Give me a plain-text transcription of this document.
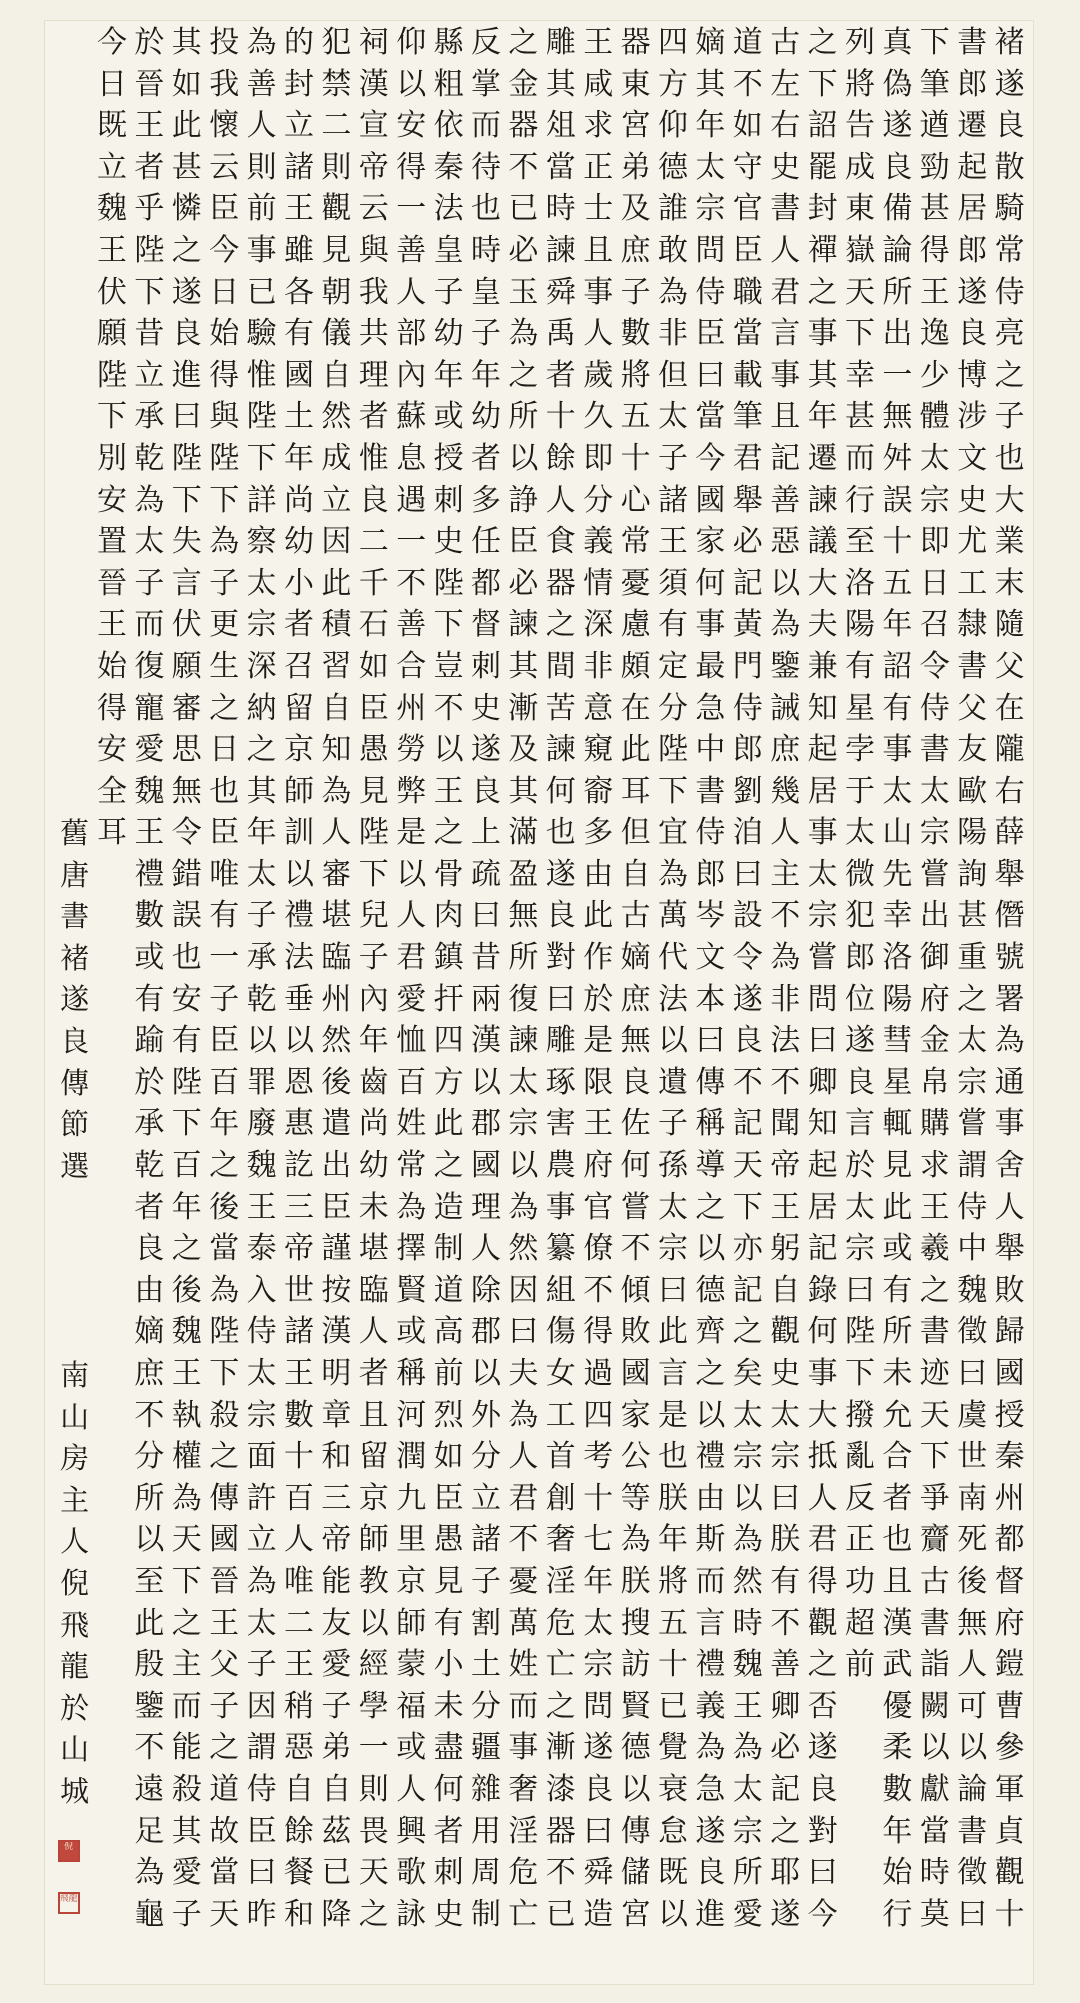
褚
遂
良
散
騎
常
侍
亮
之
子
也
大
業
末
隨
父
在
隴
右
薛
舉
僭
號
署
為
通
事
舍
人
舉
敗
歸
國
授
秦
州
都
督
府
鎧
曹
參
軍
貞
觀
十
書
郎
遷
起
居
郎
遂
良
博
涉
文
史
尤
工
隸
書
父
友
歐
陽
詢
甚
重
之
太
宗
嘗
謂
侍
中
魏
徵
曰
虞
世
南
死
後
無
人
可
以
論
書
徵
曰
下
筆
遒
勁
甚
得
王
逸
少
體
太
宗
即
日
召
令
侍
書
太
宗
嘗
出
御
府
金
帛
購
求
王
羲
之
書
迹
天
下
爭
齎
古
書
詣
闕
以
獻
當
時
莫
真
偽
遂
良
備
論
所
出
一
無
舛
誤
十
五
年
詔
有
事
太
山
先
幸
洛
陽
彗
星
輒
見
此
或
有
所
未
允
合
者
也
且
漢
武
優
柔
數
年
始
行
列
將
告
成
東
嶽
天
下
幸
甚
而
行
至
洛
陽
有
星
孛
于
太
微
犯
郎
位
遂
良
言
於
太
宗
曰
陛
下
撥
亂
反
正
功
超
前
之
下
詔
罷
封
禪
之
事
其
年
遷
諫
議
大
夫
兼
知
起
居
事
太
宗
嘗
問
曰
卿
知
起
居
記
錄
何
事
大
抵
人
君
得
觀
之
否
遂
良
對
曰
今
古
左
右
史
書
人
君
言
事
且
記
善
惡
以
為
鑒
誡
庶
幾
人
主
不
為
非
法
不
聞
帝
王
躬
自
觀
史
太
宗
曰
朕
有
不
善
卿
必
記
之
耶
遂
道
不
如
守
官
臣
職
當
載
筆
君
舉
必
記
黃
門
侍
郎
劉
洎
曰
設
令
遂
良
不
記
天
下
亦
記
之
矣
太
宗
以
為
然
時
魏
王
為
太
宗
所
愛
嫡
其
年
太
宗
問
侍
臣
曰
當
今
國
家
何
事
最
急
中
書
侍
郎
岑
文
本
曰
傳
稱
導
之
以
德
齊
之
以
禮
由
斯
而
言
禮
義
為
急
遂
良
進
四
方
仰
德
誰
敢
為
非
但
太
子
諸
王
須
有
定
分
陛
下
宜
為
萬
代
法
以
遺
子
孫
太
宗
曰
此
言
是
也
朕
年
將
五
十
已
覺
衰
怠
既
以
器
東
宮
弟
及
庶
子
數
將
五
十
心
常
憂
慮
頗
在
此
耳
但
自
古
嫡
庶
無
良
佐
何
嘗
不
傾
敗
國
家
公
等
為
朕
搜
訪
賢
德
以
傳
儲
宮
王
咸
求
正
士
且
事
人
歲
久
即
分
義
情
深
非
意
窺
窬
多
由
此
作
於
是
限
王
府
官
僚
不
得
過
四
考
十
七
年
太
宗
問
遂
良
曰
舜
造
雕
其
俎
當
時
諫
舜
禹
者
十
餘
人
食
器
之
間
苦
諫
何
也
遂
良
對
曰
雕
琢
害
農
事
纂
組
傷
女
工
首
創
奢
淫
危
亡
之
漸
漆
器
不
已
之
金
器
不
已
必
玉
為
之
所
以
諍
臣
必
諫
其
漸
及
其
滿
盈
無
所
復
諫
太
宗
以
為
然
因
曰
夫
為
人
君
不
憂
萬
姓
而
事
奢
淫
危
亡
反
掌
而
待
也
時
皇
子
年
幼
者
多
任
都
督
刺
史
遂
良
上
疏
曰
昔
兩
漢
以
郡
國
理
人
除
郡
以
外
分
立
諸
子
割
土
分
疆
雜
用
周
制
縣
粗
依
秦
法
皇
子
幼
年
或
授
刺
史
陛
下
豈
不
以
王
之
骨
肉
鎮
扞
四
方
此
之
造
制
道
高
前
烈
如
臣
愚
見
有
小
未
盡
何
者
刺
史
仰
以
安
得
一
善
人
部
內
蘇
息
遇
一
不
善
合
州
勞
弊
是
以
人
君
愛
恤
百
姓
常
為
擇
賢
或
稱
河
潤
九
里
京
師
蒙
福
或
人
興
歌
詠
祠
漢
宣
帝
云
與
我
共
理
者
惟
良
二
千
石
如
臣
愚
見
陛
下
兒
子
內
年
齒
尚
幼
未
堪
臨
人
者
且
留
京
師
教
以
經
學
一
則
畏
天
之
犯
禁
二
則
觀
見
朝
儀
自
然
成
立
因
此
積
習
自
知
為
人
審
堪
臨
州
然
後
遣
出
臣
謹
按
漢
明
章
和
三
帝
能
友
愛
子
弟
自
茲
已
降
的
封
立
諸
王
雖
各
有
國
土
年
尚
幼
小
者
召
留
京
師
訓
以
禮
法
垂
以
恩
惠
訖
三
帝
世
諸
王
數
十
百
人
唯
二
王
稍
惡
自
餘
餐
和
為
善
人
則
前
事
已
驗
惟
陛
下
詳
察
太
宗
深
納
之
其
年
太
子
承
乾
以
罪
廢
魏
王
泰
入
侍
太
宗
面
許
立
為
太
子
因
謂
侍
臣
曰
昨
投
我
懷
云
臣
今
日
始
得
與
陛
下
為
子
更
生
之
日
也
臣
唯
有
一
子
臣
百
年
之
後
當
為
陛
下
殺
之
傳
國
晉
王
父
子
之
道
故
當
天
其
如
此
甚
憐
之
遂
良
進
曰
陛
下
失
言
伏
願
審
思
無
令
錯
誤
也
安
有
陛
下
百
年
之
後
魏
王
執
權
為
天
下
之
主
而
能
殺
其
愛
子
於
晉
王
者
乎
陛
下
昔
立
承
乾
為
太
子
而
復
寵
愛
魏
王
禮
數
或
有
踰
於
承
乾
者
良
由
嫡
庶
不
分
所
以
至
此
殷
鑒
不
遠
足
為
龜
今
日
既
立
魏
王
伏
願
陛
下
別
安
置
晉
王
始
得
安
全
耳
舊
唐
書
褚
遂
良
傳
節
選
南
山
房
主
人
倪
飛
龍
於
山
城
倪
飛龍
